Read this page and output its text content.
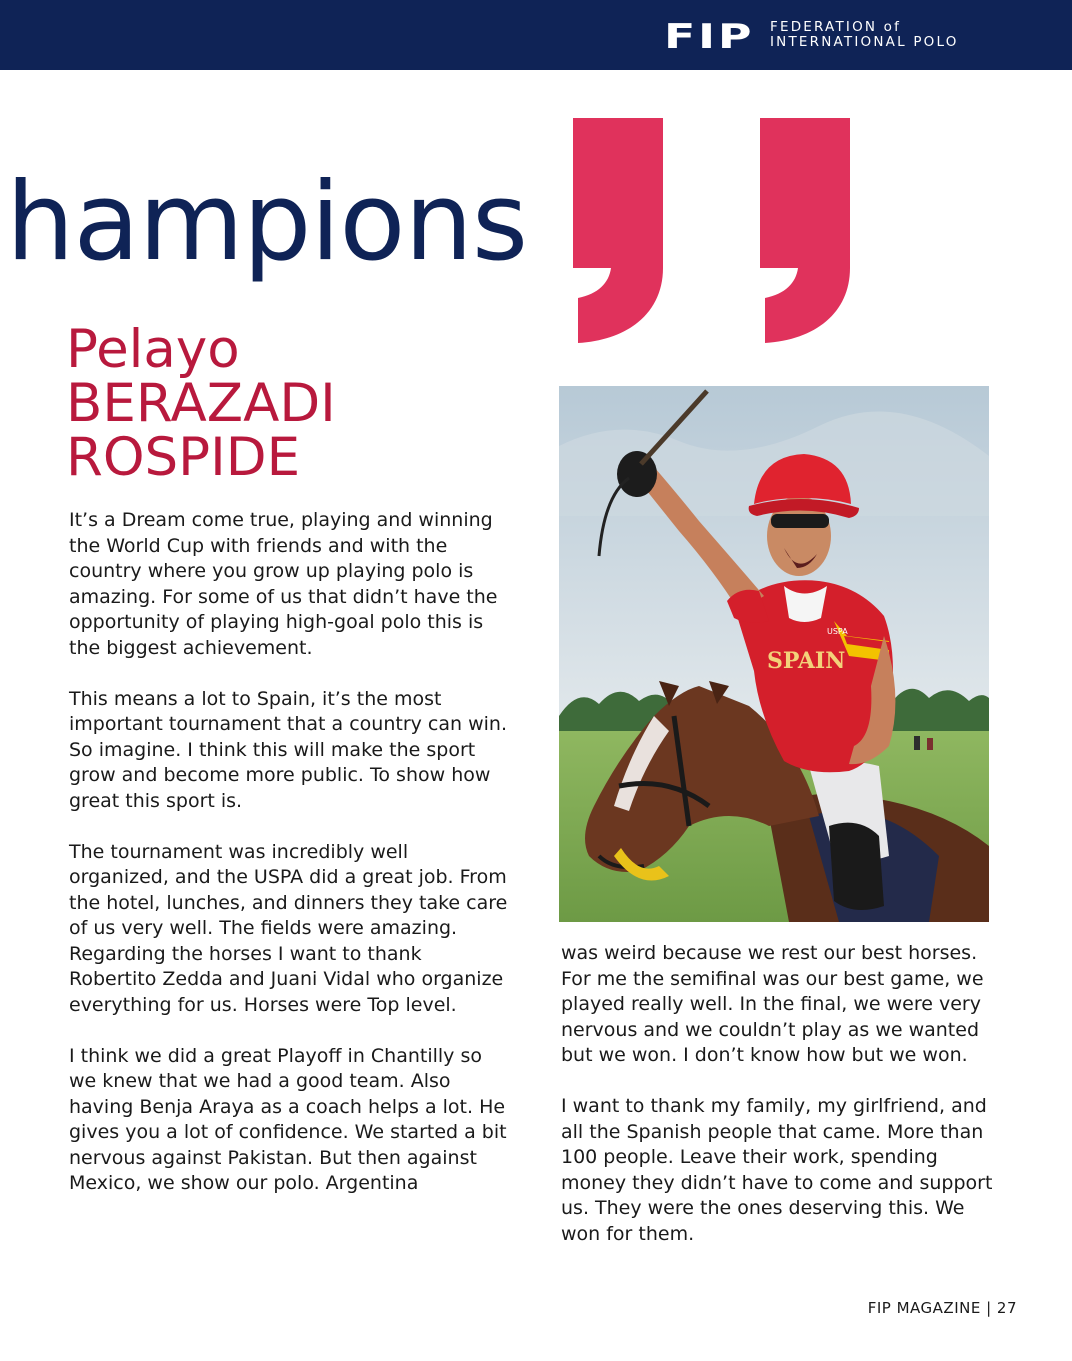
FIP FEDERATION of
INTERNATIONAL POLO
hampions
Pelayo
BERAZADI
ROSPIDE

It’s a Dream come true, playing and winning the World Cup with friends and with the country where you grow up playing polo is amazing. For some of us that didn’t have the opportunity of playing high-goal polo this is the biggest achievement.

This means a lot to Spain, it’s the most important tournament that a country can win. So imagine. I think this will make the sport grow and become more public. To show how great this sport is.

The tournament was incredibly well organized, and the USPA did a great job. From the hotel, lunches, and dinners they take care of us very well. The fields were amazing. Regarding the horses I want to thank Robertito Zedda and Juani Vidal who organize everything for us. Horses were Top level.

I think we did a great Playoff in Chantilly so we knew that we had a good team. Also having Benja Araya as a coach helps a lot. He gives you a lot of confidence. We started a bit nervous against Pakistan. But then against Mexico, we show our polo. Argentina

SPAIN
USPA

was weird because we rest our best horses. For me the semifinal was our best game, we played really well. In the final, we were very nervous and we couldn’t play as we wanted but we won. I don’t know how but we won.

I want to thank my family, my girlfriend, and all the Spanish people that came. More than 100 people. Leave their work, spending money they didn’t have to come and support us. They were the ones deserving this. We won for them.

FIP MAGAZINE | 27
